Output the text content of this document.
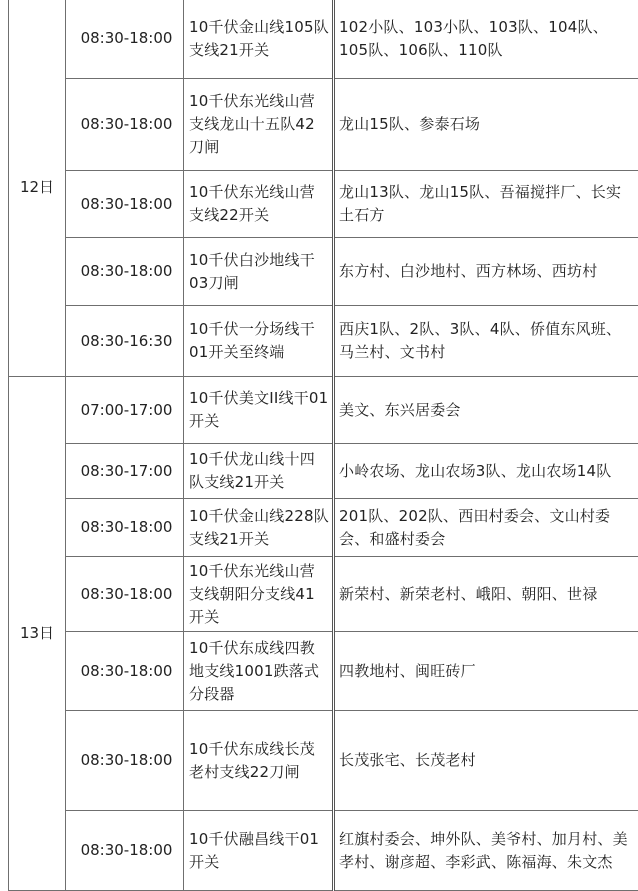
12日	08:30-18:00	10千伏金山线105队支线21开关	102小队、103小队、103队、104队、105队、106队、110队
	08:30-18:00	10千伏东光线山营支线龙山十五队42刀闸	龙山15队、参泰石场
	08:30-18:00	10千伏东光线山营支线22开关	龙山13队、龙山15队、吾福搅拌厂、长实土石方
	08:30-18:00	10千伏白沙地线干03刀闸	东方村、白沙地村、西方林场、西坊村
	08:30-16:30	10千伏一分场线干01开关至终端	西庆1队、2队、3队、4队、侨值东风班、马兰村、文书村
13日	07:00-17:00	10千伏美文II线干01开关	美文、东兴居委会
	08:30-17:00	10千伏龙山线十四队支线21开关	小岭农场、龙山农场3队、龙山农场14队
	08:30-18:00	10千伏金山线228队支线21开关	201队、202队、西田村委会、文山村委会、和盛村委会
	08:30-18:00	10千伏东光线山营支线朝阳分支线41开关	新荣村、新荣老村、峨阳、朝阳、世禄
	08:30-18:00	10千伏东成线四教地支线1001跌落式分段器	四教地村、闽旺砖厂
	08:30-18:00	10千伏东成线长茂老村支线22刀闸	长茂张宅、长茂老村
	08:30-18:00	10千伏融昌线干01开关	红旗村委会、坤外队、美爷村、加月村、美孝村、谢彦超、李彩武、陈福海、朱文杰
